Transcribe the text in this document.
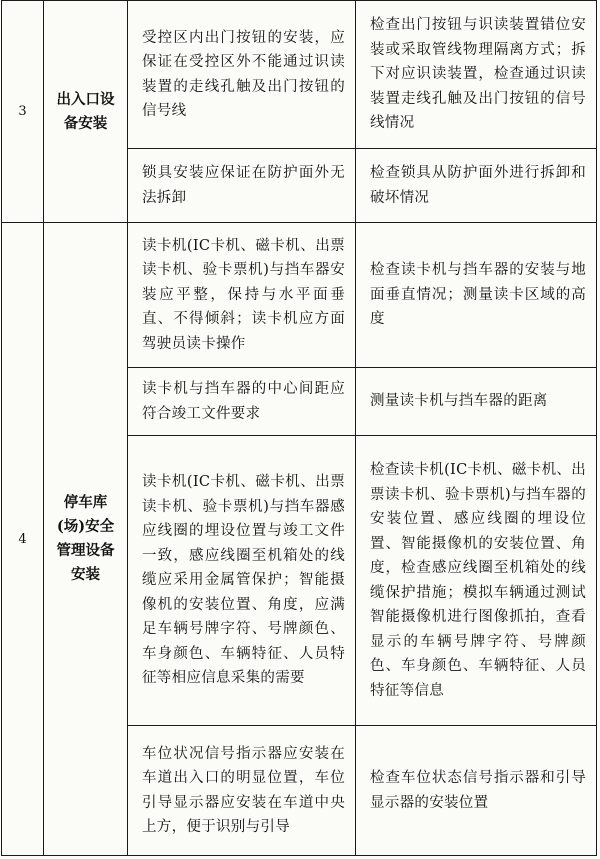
3	出入口设备安装	受控区内出门按钮的安装，应保证在受控区外不能通过识读装置的走线孔触及出门按钮的信号线	检查出门按钮与识读装置错位安装或采取管线物理隔离方式；拆下对应识读装置，检查通过识读装置走线孔触及出门按钮的信号线情况
		锁具安装应保证在防护面外无法拆卸	检查锁具从防护面外进行拆卸和破坏情况
4	停车库(场)安全管理设备安装	读卡机(IC卡机、磁卡机、出票读卡机、验卡票机)与挡车器安装应平整，保持与水平面垂直、不得倾斜；读卡机应方面驾驶员读卡操作	检查读卡机与挡车器的安装与地面垂直情况；测量读卡区域的高度
		读卡机与挡车器的中心间距应符合竣工文件要求	测量读卡机与挡车器的距离
		读卡机(IC卡机、磁卡机、出票读卡机、验卡票机)与挡车器感应线圈的埋设位置与竣工文件一致，感应线圈至机箱处的线缆应采用金属管保护；智能摄像机的安装位置、角度，应满足车辆号牌字符、号牌颜色、车身颜色、车辆特征、人员特征等相应信息采集的需要	检查读卡机(IC卡机、磁卡机、出票读卡机、验卡票机)与挡车器的安装位置、感应线圈的埋设位置、智能摄像机的安装位置、角度，检查感应线圈至机箱处的线缆保护措施；模拟车辆通过测试智能摄像机进行图像抓拍，查看显示的车辆号牌字符、号牌颜色、车身颜色、车辆特征、人员特征等信息
		车位状况信号指示器应安装在车道出入口的明显位置，车位引导显示器应安装在车道中央上方，便于识别与引导	检查车位状态信号指示器和引导显示器的安装位置
